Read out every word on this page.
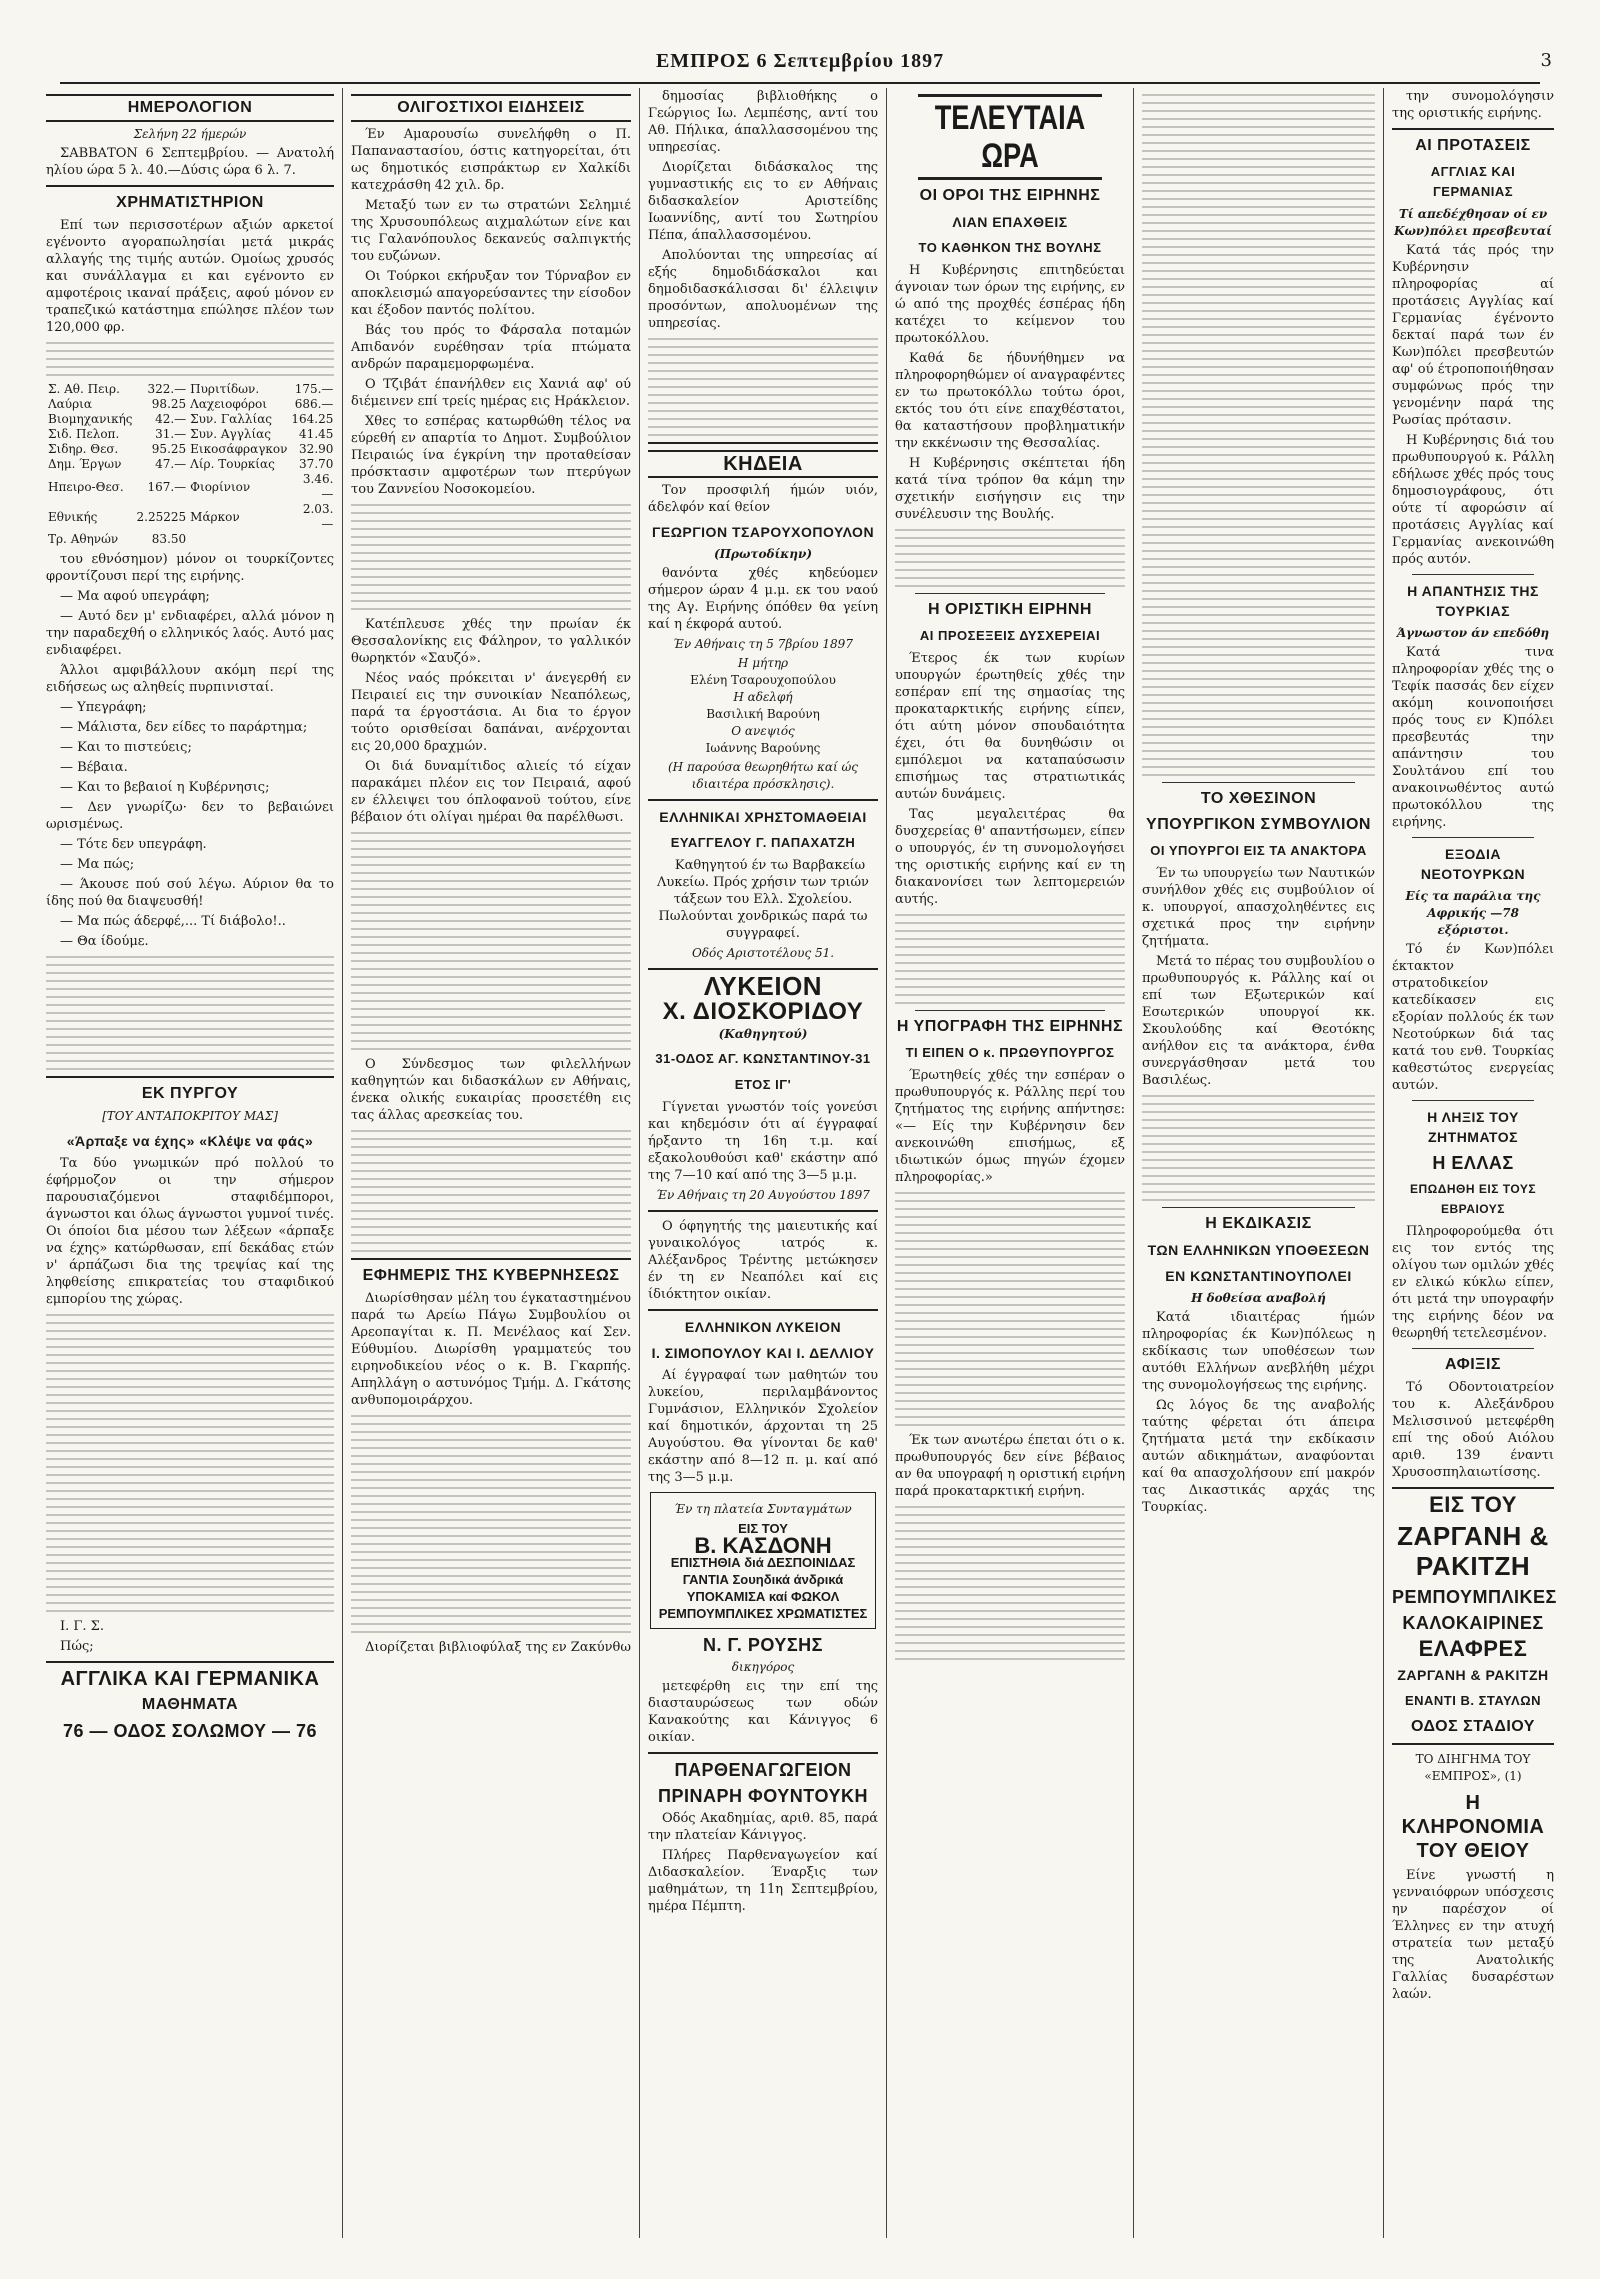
ΕΜΠΡΟΣ 6 Σεπτεμβρίου 1897	3
ΗΜΕΡΟΛΟΓΙΟΝ
Σελήνη 22 ήμερών
ΣΑΒΒΑΤΟΝ 6 Σεπτεμβρίου. — Ανατολή ηλίου ώρα 5 λ. 40.—Δύσις ώρα 6 λ. 7.
ΧΡΗΜΑΤΙΣΤΗΡΙΟΝ
Επί των περισσοτέρων αξιών αρκετοί εγένοντο αγοραπωλησίαι μετά μικράς αλλαγής της τιμής αυτών. Ομοίως χρυσός και συνάλλαγμα ει και εγένοντο εν αμφοτέροις ικαναί πράξεις, αφού μόνον εν τραπεζικώ κατάστημα επώλησε πλέον των 120,000 φρ.
Σ. Αθ. Πειρ.	322.—	Πυριτίδων.	175.—
Λαύρια	98.25	Λαχειοφόροι	686.—
Βιομηχανικής	42.—	Συν. Γαλλίας	164.25
Σιδ. Πελοπ.	31.—	Συν. Αγγλίας	41.45
Σιδηρ. Θεσ.	95.25	Εικοσάφραγκον	32.90
Δημ. Έργων	47.—	Λίρ. Τουρκίας	37.70
Ηπειρο-Θεσ.	167.—	Φιορίνιον	3.46.—
Εθνικής	2.25225	Μάρκον	2.03.—
Τρ. Αθηνών	83.50		
του εθνόσημον) μόνον οι τουρκίζοντες φροντίζουσι περί της ειρήνης.
— Μα αφού υπεγράφη;
— Αυτό δεν μ' ενδιαφέρει, αλλά μόνον η την παραδεχθή ο ελληνικός λαός. Αυτό μας ενδιαφέρει.
Άλλοι αμφιβάλλουν ακόμη περί της ειδήσεως ως αληθείς πυρπινισταί.
— Υπεγράφη;
— Μάλιστα, δεν είδες το παράρτημα;
— Και το πιστεύεις;
— Βέβαια.
— Και το βεβαιοί η Κυβέρνησις;
— Δεν γνωρίζω· δεν το βεβαιώνει ωρισμένως.
— Τότε δεν υπεγράφη.
— Μα πώς;
— Άκουσε πού σού λέγω. Αύριον θα το ίδης πού θα διαψευσθή!
— Μα πώς άδερφέ,... Τί διάβολο!..
— Θα ίδούμε.
ΕΚ ΠΥΡΓΟΥ
[ΤΟΥ ΑΝΤΑΠΟΚΡΙΤΟΥ ΜΑΣ]
«Άρπαξε να έχης» «Κλέψε να φάς»
Τα δύο γνωμικών πρό πολλού το έφήρμοζον οι την σήμερον παρουσιαζόμενοι σταφιδέμποροι, άγνωστοι και όλως άγνωστοι γυμνοί τινές. Οι όποίοι δια μέσου των λέξεων «άρπαξε να έχης» κατώρθωσαν, επί δεκάδας ετών ν' άρπάζωσι δια της τρεψίας καί της ληφθείσης επικρατείας του σταφιδικού εμπορίου της χώρας.
Ι. Γ. Σ.
Πώς;
ΑΓΓΛΙΚΑ ΚΑΙ ΓΕΡΜΑΝΙΚΑ
ΜΑΘΗΜΑΤΑ
76 — ΟΔΟΣ ΣΟΛΩΜΟΥ — 76
ΟΛΙΓΟΣΤΙΧΟΙ ΕΙΔΗΣΕΙΣ
Έν Αμαρουσίω συνελήφθη ο Π. Παπαναστασίου, όστις κατηγορείται, ότι ως δημοτικός εισπράκτωρ εν Χαλκίδι κατεχράσθη 42 χιλ. δρ.
Μεταξύ των εν τω στρατώνι Σελημιέ της Χρυσουπόλεως αιχμαλώτων είνε και τις Γαλανόπουλος δεκανεύς σαλπιγκτής του ευζώνων.
Οι Τούρκοι εκήρυξαν τον Τύρναβον εν αποκλεισμώ απαγορεύσαντες την είσοδον και έξοδον παντός πολίτου.
Βάς του πρός το Φάρσαλα ποταμών Απιδανόν ευρέθησαν τρία πτώματα ανδρών παραμεμορφωμένα.
Ο Τζιβάτ έπανήλθεν εις Χανιά αφ' ού διέμεινεν επί τρείς ημέρας εις Ηράκλειον.
Χθες το εσπέρας κατωρθώθη τέλος να εύρεθή εν απαρτία το Δημοτ. Συμβούλιον Πειραιώς ίνα έγκρίνη την προταθείσαν πρόσκτασιν αμφοτέρων των πτερύγων του Ζαννείου Νοσοκομείου.
Κατέπλευσε χθές την πρωίαν έκ Θεσσαλονίκης εις Φάληρον, το γαλλικόν θωρηκτόν «Σαυζό».
Νέος ναός πρόκειται ν' άνεγερθή εν Πειραιεί εις την συνοικίαν Νεαπόλεως, παρά τα έργοστάσια. Αι δια το έργον τούτο ορισθείσαι δαπάναι, ανέρχονται εις 20,000 δραχμών.
Οι διά δυναμίτιδος αλιείς τό είχαν παρακάμει πλέον εις τον Πειραιά, αφού εν έλλειψει του όπλοφανοϋ τούτου, είνε βέβαιον ότι ολίγαι ημέραι θα παρέλθωσι.
Ο Σύνδεσμος των φιλελλήνων καθηγητών και διδασκάλων εν Αθήναις, ένεκα ολικής ευκαιρίας προσετέθη εις τας άλλας αρεσκείας του.
ΕΦΗΜΕΡΙΣ ΤΗΣ ΚΥΒΕΡΝΗΣΕΩΣ
Διωρίσθησαν μέλη του έγκαταστημένου παρά τω Αρείω Πάγω Συμβουλίου οι Αρεοπαγίται κ. Π. Μενέλαος καί Σεν. Εύθυμίου. Διωρίσθη γραμματεύς του ειρηνοδικείου νέος ο κ. Β. Γκαρπής. Απηλλάγη ο αστυνόμος Τμήμ. Δ. Γκάτσης ανθυπομοιράρχου.
Διορίζεται βιβλιοφύλαξ της εν Ζακύνθω
δημοσίας βιβλιοθήκης ο Γεώργιος Ιω. Λεμπέσης, αντί του Αθ. Πήλικα, άπαλλασσομένου της υπηρεσίας.
Διορίζεται διδάσκαλος της γυμναστικής εις το εν Αθήναις διδασκαλείον Αριστείδης Ιωαννίδης, αντί του Σωτηρίου Πέπα, άπαλλασσομένου.
Απολύονται της υπηρεσίας αί εξής δημοδιδάσκαλοι και δημοδιδασκάλισσαι δι' έλλειψιν προσόντων, απολυομένων της υπηρεσίας.
ΚΗΔΕΙΑ
Τον προσφιλή ήμών υιόν, άδελφόν καί θείον
ΓΕΩΡΓΙΟΝ ΤΣΑΡΟΥΧΟΠΟΥΛΟΝ
(Πρωτοδίκην)
θανόντα χθές κηδεύομεν σήμερον ώραν 4 μ.μ. εκ του ναού της Αγ. Ειρήνης όπόθεν θα γείνη καί η έκφορά αυτού.
Έν Αθήναις τη 5 7βρίου 1897
Η μήτηρ
Ελένη Τσαρουχοπούλου
Η αδελφή
Βασιλική Βαρούνη
Ο ανεψιός
Ιωάννης Βαρούνης
(Η παρούσα θεωρηθήτω καί ώς ιδιαιτέρα πρόσκλησις).
ΕΛΛΗΝΙΚΑΙ ΧΡΗΣΤΟΜΑΘΕΙΑΙ
ΕΥΑΓΓΕΛΟΥ Γ. ΠΑΠΑΧΑΤΖΗ
Καθηγητού έν τω Βαρβακείω Λυκείω. Πρός χρήσιν των τριών τάξεων του Ελλ. Σχολείου. Πωλούνται χονδρικώς παρά τω συγγραφεί.
Οδός Αριστοτέλους 51.
ΛΥΚΕΙΟΝ
Χ. ΔΙΟΣΚΟΡΙΔΟΥ
(Καθηγητού)
31-ΟΔΟΣ ΑΓ. ΚΩΝΣΤΑΝΤΙΝΟΥ-31
ΕΤΟΣ ΙΓ'
Γίγνεται γνωστόν τοίς γονεύσι και κηδεμόσιν ότι αί έγγραφαί ήρξαντο τη 16η τ.μ. καί εξακολουθούσι καθ' εκάστην από της 7—10 καί από της 3—5 μ.μ.
Έν Αθήναις τη 20 Αυγούστου 1897
Ο όφηγητής της μαιευτικής καί γυναικολόγος ιατρός κ. Αλέξανδρος Τρέντης μετώκησεν έν τη εν Νεαπόλει καί εις ίδιόκτητον οικίαν.
ΕΛΛΗΝΙΚΟΝ ΛΥΚΕΙΟΝ
Ι. ΣΙΜΟΠΟΥΛΟΥ ΚΑΙ Ι. ΔΕΛΛΙΟΥ
Αί έγγραφαί των μαθητών του λυκείου, περιλαμβάνοντος Γυμνάσιον, Ελληνικόν Σχολείον καί δημοτικόν, άρχονται τη 25 Αυγούστου. Θα γίνονται δε καθ' εκάστην από 8—12 π. μ. καί από της 3—5 μ.μ.
Έν τη πλατεία Συνταγμάτων
ΕΙΣ ΤΟΥ
Β. ΚΑΣΔΟΝΗ
ΕΠΙΣΤΗΘΙΑ διά ΔΕΣΠΟΙΝΙΔΑΣ
ΓΑΝΤΙΑ Σουηδικά άνδρικά
ΥΠΟΚΑΜΙΣΑ καί ΦΩΚΟΛ
ΡΕΜΠΟΥΜΠΛΙΚΕΣ ΧΡΩΜΑΤΙΣΤΕΣ
Ν. Γ. ΡΟΥΣΗΣ
δικηγόρος
μετεφέρθη εις την επί της διασταυρώσεως των οδών Κανακούτης και Κάνιγγος 6 οικίαν.
ΠΑΡΘΕΝΑΓΩΓΕΙΟΝ
ΠΡΙΝΑΡΗ ΦΟΥΝΤΟΥΚΗ
Οδός Ακαδημίας, αριθ. 85, παρά την πλατείαν Κάνιγγος.
Πλήρες Παρθεναγωγείον καί Διδασκαλείον. Έναρξις των μαθημάτων, τη 11η Σεπτεμβρίου, ημέρα Πέμπτη.
ΤΕΛΕΥΤΑΙΑ ΩΡΑ
ΟΙ ΟΡΟΙ ΤΗΣ ΕΙΡΗΝΗΣ
ΛΙΑΝ ΕΠΑΧΘΕΙΣ
ΤΟ ΚΑΘΗΚΟΝ ΤΗΣ ΒΟΥΛΗΣ
Η Κυβέρνησις επιτηδεύεται άγνοιαν των όρων της ειρήνης, εν ώ από της προχθές έσπέρας ήδη κατέχει το κείμενον του πρωτοκόλλου.
Καθά δε ήδυνήθημεν να πληροφορηθώμεν οί αναγραφέντες εν τω πρωτοκόλλω τούτω όροι, εκτός του ότι είνε επαχθέστατοι, θα καταστήσουν προβληματικήν την εκκένωσιν της Θεσσαλίας.
Η Κυβέρνησις σκέπτεται ήδη κατά τίνα τρόπον θα κάμη την σχετικήν εισήγησιν εις την συνέλευσιν της Βουλής.
Η ΟΡΙΣΤΙΚΗ ΕΙΡΗΝΗ
ΑΙ ΠΡΟΣΕΞΕΙΣ ΔΥΣΧΕΡΕΙΑΙ
Έτερος έκ των κυρίων υπουργών έρωτηθείς χθές την εσπέραν επί της σημασίας της προκαταρκτικής ειρήνης είπεν, ότι αύτη μόνον σπουδαιότητα έχει, ότι θα δυνηθώσιν οι εμπόλεμοι να καταπαύσωσιν επισήμως τας στρατιωτικάς αυτών δυνάμεις.
Τας μεγαλειτέρας θα δυσχερείας θ' απαντήσωμεν, είπεν ο υπουργός, έν τη συνομολογήσει της οριστικής ειρήνης καί εν τη διακανονίσει των λεπτομερειών αυτής.
Η ΥΠΟΓΡΑΦΗ ΤΗΣ ΕΙΡΗΝΗΣ
ΤΙ ΕΙΠΕΝ Ο κ. ΠΡΩΘΥΠΟΥΡΓΟΣ
Έρωτηθείς χθές την εσπέραν ο πρωθυπουργός κ. Ράλλης περί του ζητήματος της ειρήνης απήντησε: «— Είς την Κυβέρνησιν δεν ανεκοινώθη επισήμως, εξ ιδιωτικών όμως πηγών έχομεν πληροφορίας.»
Έκ των ανωτέρω έπεται ότι ο κ. πρωθυπουργός δεν είνε βέβαιος αν θα υπογραφή η οριστική ειρήνη παρά προκαταρκτική ειρήνη.
ΤΟ ΧΘΕΣΙΝΟΝ
ΥΠΟΥΡΓΙΚΟΝ ΣΥΜΒΟΥΛΙΟΝ
ΟΙ ΥΠΟΥΡΓΟΙ ΕΙΣ ΤΑ ΑΝΑΚΤΟΡΑ
Έν τω υπουργείω των Ναυτικών συνήλθον χθές εις συμβούλιον οί κ. υπουργοί, απασχοληθέντες εις σχετικά προς την ειρήνην ζητήματα.
Μετά το πέρας του συμβουλίου ο πρωθυπουργός κ. Ράλλης καί οι επί των Εξωτερικών καί Εσωτερικών υπουργοί κκ. Σκουλούδης καί Θεοτόκης ανήλθον εις τα ανάκτορα, ένθα συνεργάσθησαν μετά του Βασιλέως.
Η ΕΚΔΙΚΑΣΙΣ
ΤΩΝ ΕΛΛΗΝΙΚΩΝ ΥΠΟΘΕΣΕΩΝ
ΕΝ ΚΩΝΣΤΑΝΤΙΝΟΥΠΟΛΕΙ
Η δοθείσα αναβολή
Κατά ιδιαιτέρας ήμών πληροφορίας έκ Κων)πόλεως η εκδίκασις των υποθέσεων των αυτόθι Ελλήνων ανεβλήθη μέχρι της συνομολογήσεως της ειρήνης.
Ως λόγος δε της αναβολής ταύτης φέρεται ότι άπειρα ζητήματα μετά την εκδίκασιν αυτών αδικημάτων, αναφύονται καί θα απασχολήσουν επί μακρόν τας Δικαστικάς αρχάς της Τουρκίας.
την συνομολόγησιν της οριστικής ειρήνης.
ΑΙ ΠΡΟΤΑΣΕΙΣ
ΑΓΓΛΙΑΣ ΚΑΙ ΓΕΡΜΑΝΙΑΣ
Τί απεδέχθησαν οί εν Κων)πόλει πρεσβευταί
Κατά τάς πρός την Κυβέρνησιν πληροφορίας αί προτάσεις Αγγλίας καί Γερμανίας έγένοντο δεκταί παρά των έν Κων)πόλει πρεσβευτών αφ' ού έτροποποιήθησαν συμφώνως πρός την γενομένην παρά της Ρωσίας πρότασιν.
Η Κυβέρνησις διά του πρωθυπουργού κ. Ράλλη εδήλωσε χθές πρός τους δημοσιογράφους, ότι ούτε τί αφορώσιν αί προτάσεις Αγγλίας καί Γερμανίας ανεκοινώθη πρός αυτόν.
Η ΑΠΑΝΤΗΣΙΣ ΤΗΣ ΤΟΥΡΚΙΑΣ
Άγνωστον άν επεδόθη
Κατά τινα πληροφορίαν χθές της ο Τεφίκ πασσάς δεν είχεν ακόμη κοινοποιήσει πρός τους εν Κ)πόλει πρεσβευτάς την απάντησιν του Σουλτάνου επί του ανακοινωθέντος αυτώ πρωτοκόλλου της ειρήνης.
ΕΞΟΔΙΑ ΝΕΟΤΟΥΡΚΩΝ
Είς τα παράλια της Αφρικής —78 εξόριστοι.
Τό έν Κων)πόλει έκτακτον στρατοδικείον κατεδίκασεν εις εξορίαν πολλούς έκ των Νεοτούρκων διά τας κατά του ενθ. Τουρκίας καθεστώτος ενεργείας αυτών.
Η ΛΗΞΙΣ ΤΟΥ ΖΗΤΗΜΑΤΟΣ
Η ΕΛΛΑΣ
ΕΠΩΔΗΘΗ ΕΙΣ ΤΟΥΣ ΕΒΡΑΙΟΥΣ
Πληροφορούμεθα ότι εις τον εντός της ολίγου των ομιλών χθές εν ελικώ κύκλω είπεν, ότι μετά την υπογραφήν της ειρήνης δέον να θεωρηθή τετελεσμένον.
ΑΦΙΞΙΣ
Τό Οδοντοιατρείον του κ. Αλεξάνδρου Μελισσινού μετεφέρθη επί της οδού Αιόλου αριθ. 139 έναντι Χρυσοσπηλαιωτίσσης.
ΕΙΣ ΤΟΥ
ΖΑΡΓΑΝΗ & ΡΑΚΙΤΖΗ
ΡΕΜΠΟΥΜΠΛΙΚΕΣ
ΚΑΛΟΚΑΙΡΙΝΕΣ
ΕΛΑΦΡΕΣ
ΖΑΡΓΑΝΗ & ΡΑΚΙΤΖΗ
ΕΝΑΝΤΙ Β. ΣΤΑΥΛΩΝ
ΟΔΟΣ ΣΤΑΔΙΟΥ
ΤΟ ΔΙΗΓΗΜΑ ΤΟΥ «ΕΜΠΡΟΣ», (1)
Η ΚΛΗΡΟΝΟΜΙΑ ΤΟΥ ΘΕΙΟΥ
Είνε γνωστή η γενναιόφρων υπόσχεσις ην παρέσχον οί Έλληνες εν την ατυχή στρατεία των μεταξύ της Ανατολικής Γαλλίας δυσαρέστων λαών.
